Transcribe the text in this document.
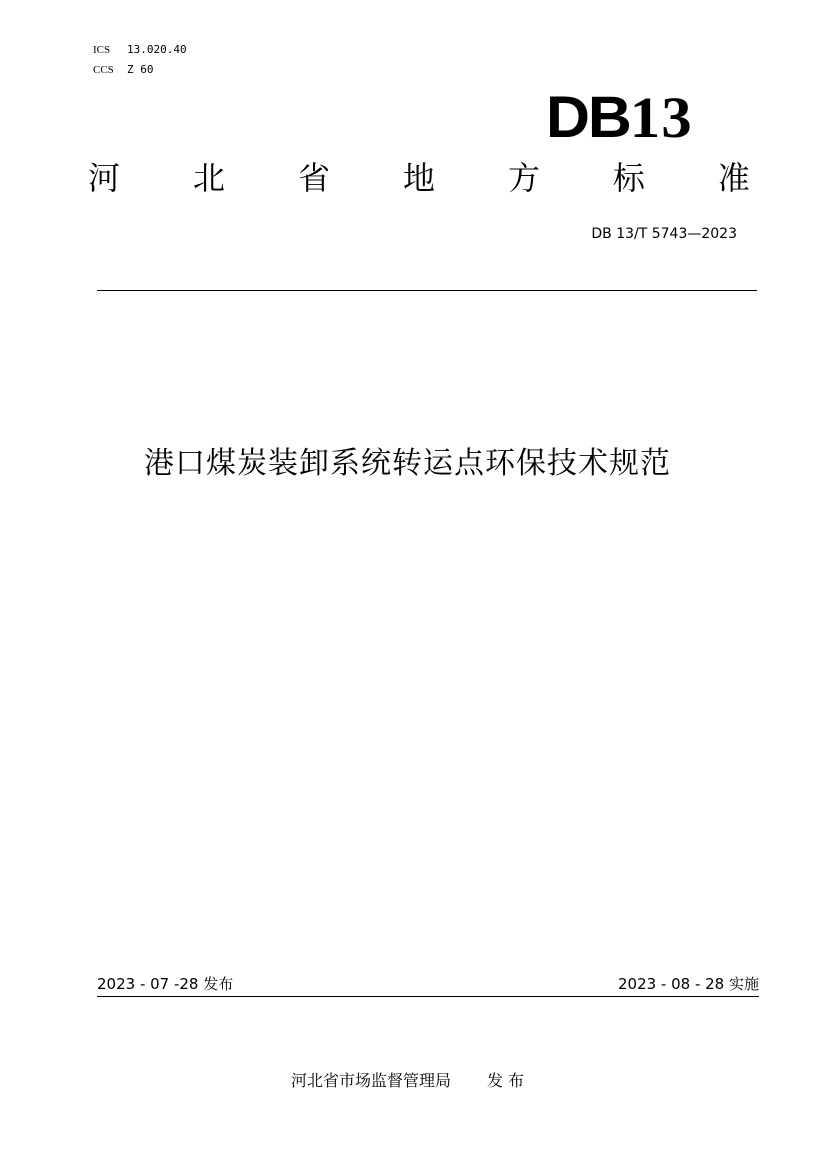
ICS	13.020.40
CCS	Z 60
DB13
河 北 省 地 方 标 准
DB 13/T 5743—2023
港口煤炭装卸系统转运点环保技术规范
2023 - 07 -28 发布	2023 - 08 - 28 实施
河北省市场监督管理局 发 布
